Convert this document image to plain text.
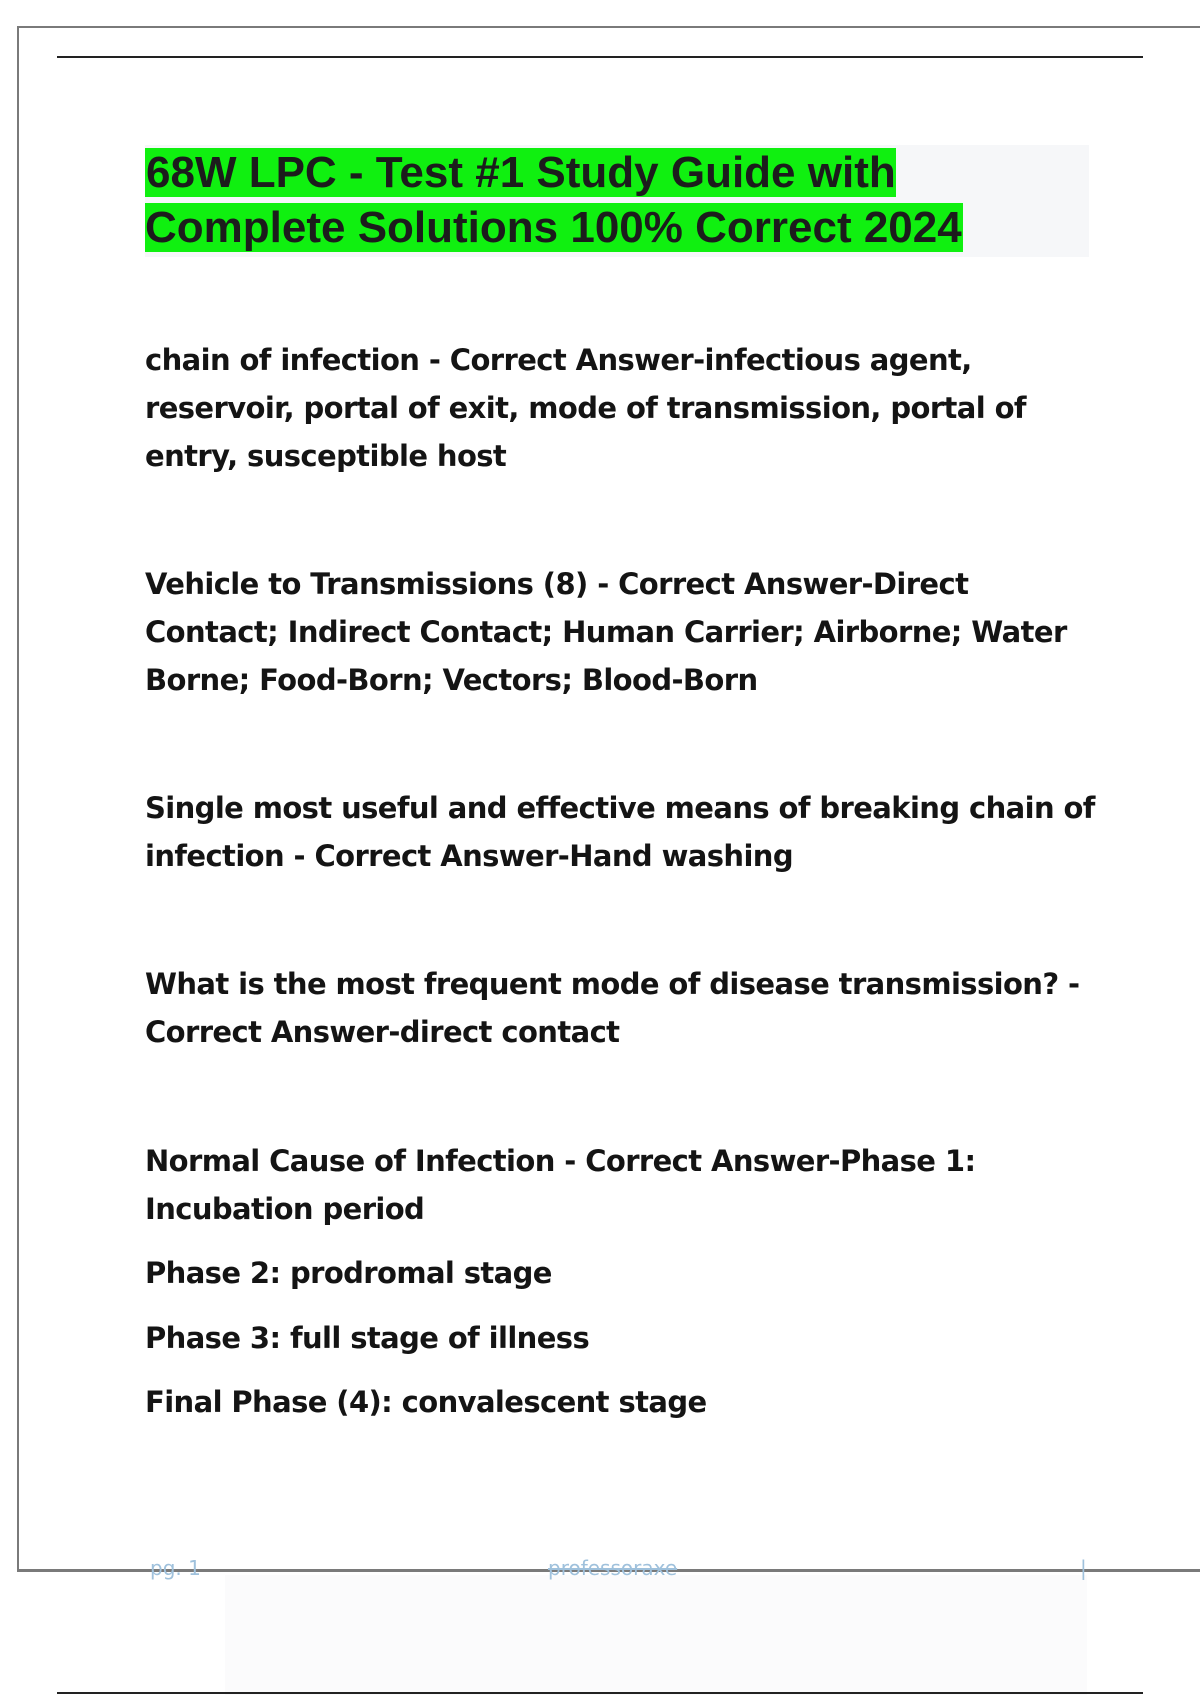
68W LPC - Test #1 Study Guide with Complete Solutions 100% Correct 2024

chain of infection - Correct Answer-infectious agent, reservoir, portal of exit, mode of transmission, portal of entry, susceptible host

Vehicle to Transmissions (8) - Correct Answer-Direct Contact; Indirect Contact; Human Carrier; Airborne; Water Borne; Food-Born; Vectors; Blood-Born

Single most useful and effective means of breaking chain of infection - Correct Answer-Hand washing

What is the most frequent mode of disease transmission? - Correct Answer-direct contact

Normal Cause of Infection - Correct Answer-Phase 1: Incubation period

Phase 2: prodromal stage

Phase 3: full stage of illness

Final Phase (4): convalescent stage

pg. 1	professoraxe	|
